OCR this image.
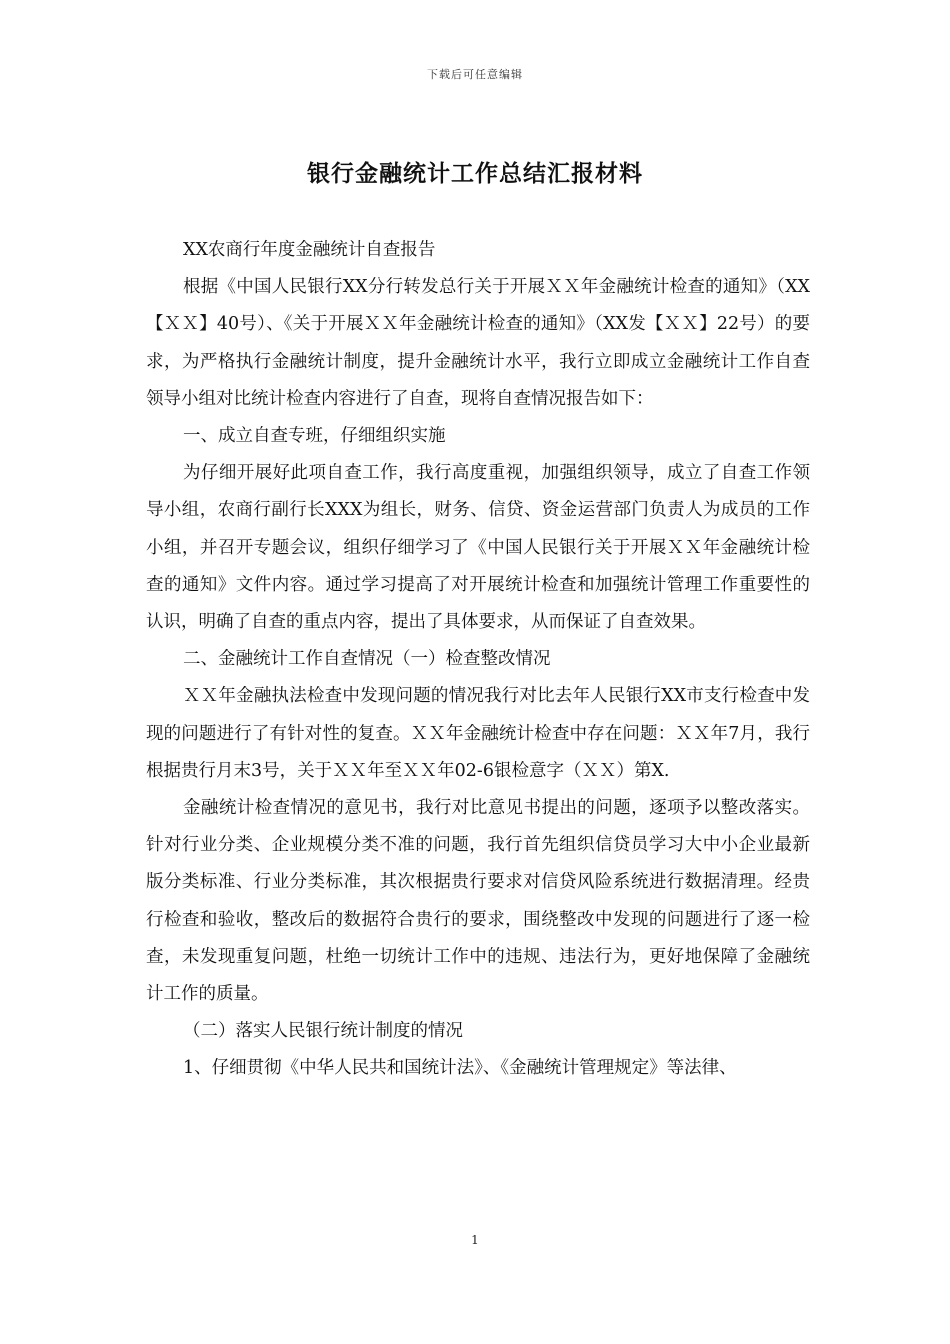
下载后可任意编辑
银行金融统计工作总结汇报材料

XX农商行年度金融统计自查报告

根据《中国人民银行XX分行转发总行关于开展ＸＸ年金融统计检查的通知》（XX【ＸＸ】40号）、《关于开展ＸＸ年金融统计检查的通知》（XX发【ＸＸ】22号）的要求，为严格执行金融统计制度，提升金融统计水平，我行立即成立金融统计工作自查领导小组对比统计检查内容进行了自查，现将自查情况报告如下：

一、成立自查专班，仔细组织实施

为仔细开展好此项自查工作，我行高度重视，加强组织领导，成立了自查工作领导小组，农商行副行长XXX为组长，财务、信贷、资金运营部门负责人为成员的工作小组，并召开专题会议，组织仔细学习了《中国人民银行关于开展ＸＸ年金融统计检查的通知》文件内容。通过学习提高了对开展统计检查和加强统计管理工作重要性的认识，明确了自查的重点内容，提出了具体要求，从而保证了自查效果。

二、金融统计工作自查情况（一）检查整改情况

ＸＸ年金融执法检查中发现问题的情况我行对比去年人民银行XX市支行检查中发现的问题进行了有针对性的复查。ＸＸ年金融统计检查中存在问题：ＸＸ年7月，我行根据贵行月末3号，关于ＸＸ年至ＸＸ年02-6银检意字（ＸＸ）第X.

金融统计检查情况的意见书，我行对比意见书提出的问题，逐项予以整改落实。针对行业分类、企业规模分类不准的问题，我行首先组织信贷员学习大中小企业最新版分类标准、行业分类标准，其次根据贵行要求对信贷风险系统进行数据清理。经贵行检查和验收，整改后的数据符合贵行的要求，围绕整改中发现的问题进行了逐一检查，未发现重复问题，杜绝一切统计工作中的违规、违法行为，更好地保障了金融统计工作的质量。

（二）落实人民银行统计制度的情况

1、仔细贯彻《中华人民共和国统计法》、《金融统计管理规定》等法律、

1
